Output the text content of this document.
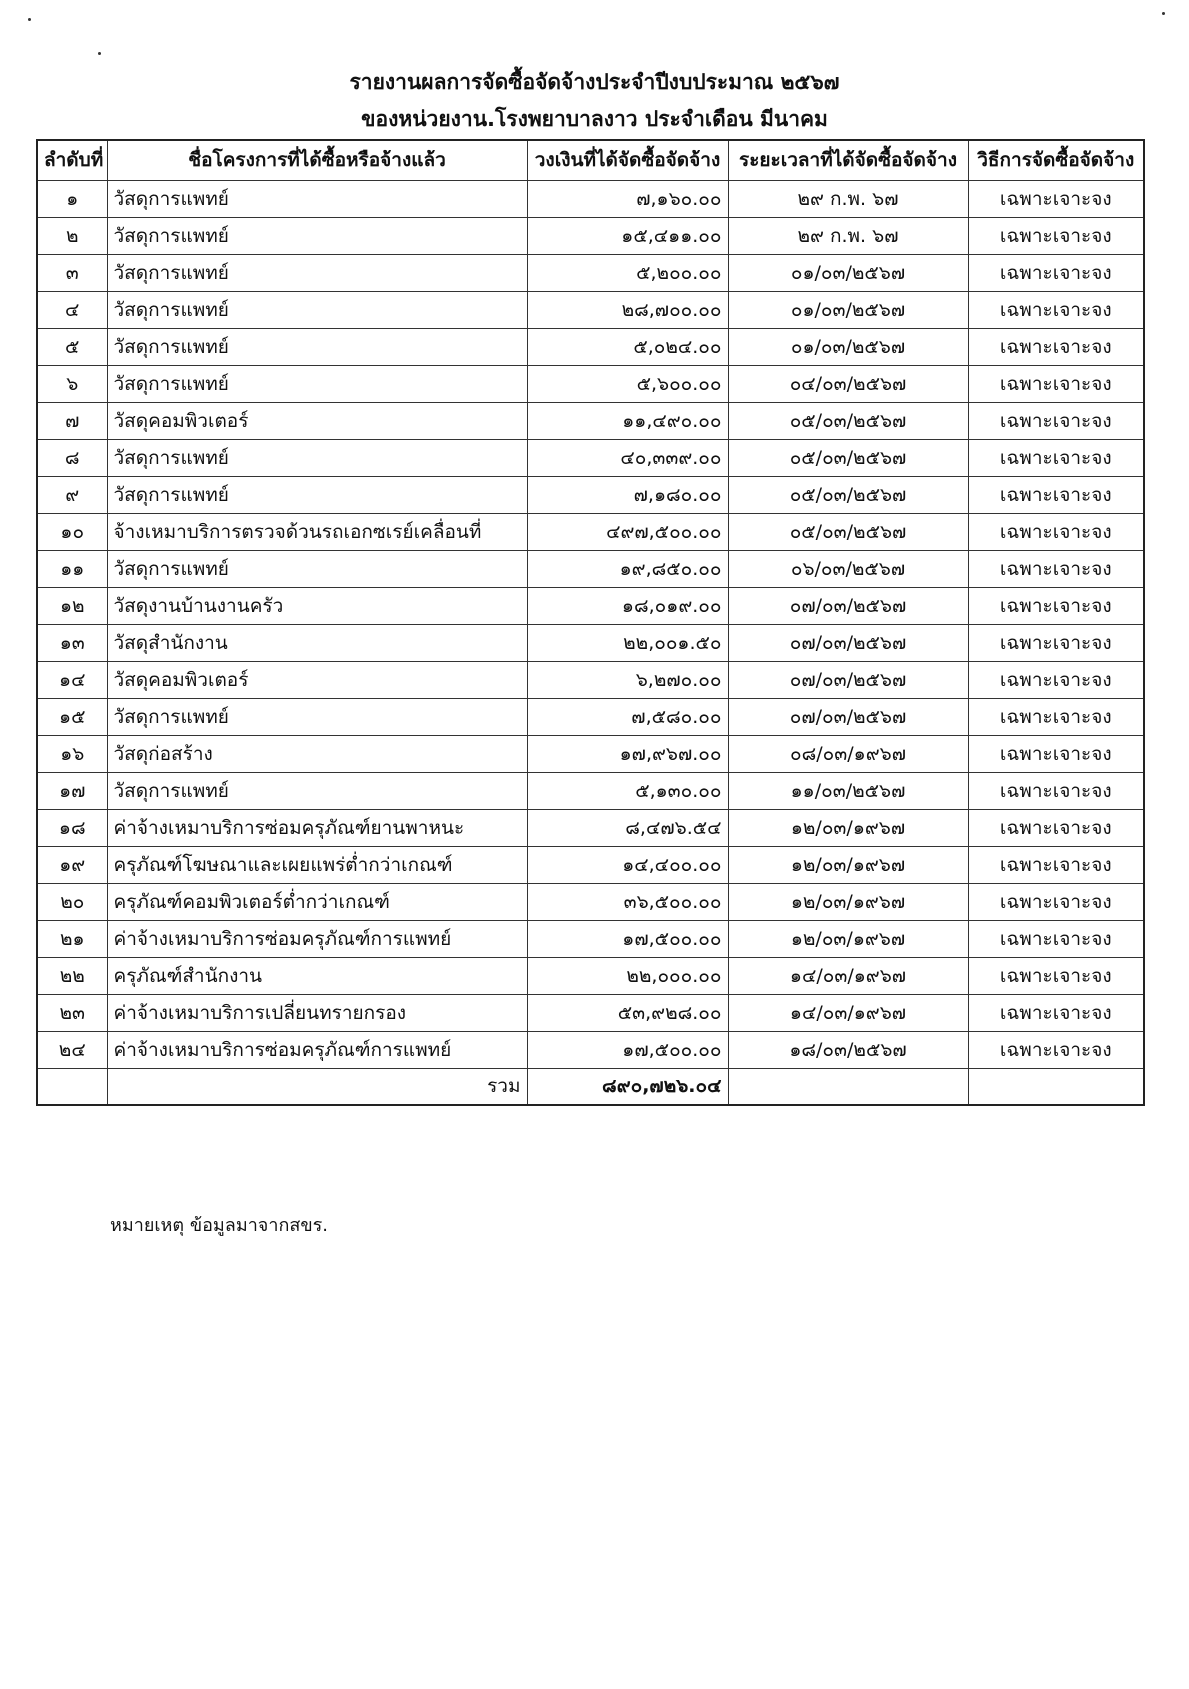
รายงานผลการจัดซื้อจัดจ้างประจำปีงบประมาณ ๒๕๖๗
ของหน่วยงาน.โรงพยาบาลงาว ประจำเดือน มีนาคม
ลำดับที่	ชื่อโครงการที่ได้ซื้อหรือจ้างแล้ว	วงเงินที่ได้จัดซื้อจัดจ้าง	ระยะเวลาที่ได้จัดซื้อจัดจ้าง	วิธีการจัดซื้อจัดจ้าง
๑	วัสดุการแพทย์	๗,๑๖๐.๐๐	๒๙ ก.พ. ๖๗	เฉพาะเจาะจง
๒	วัสดุการแพทย์	๑๕,๔๑๑.๐๐	๒๙ ก.พ. ๖๗	เฉพาะเจาะจง
๓	วัสดุการแพทย์	๕,๒๐๐.๐๐	๐๑/๐๓/๒๕๖๗	เฉพาะเจาะจง
๔	วัสดุการแพทย์	๒๘,๗๐๐.๐๐	๐๑/๐๓/๒๕๖๗	เฉพาะเจาะจง
๕	วัสดุการแพทย์	๕,๐๒๔.๐๐	๐๑/๐๓/๒๕๖๗	เฉพาะเจาะจง
๖	วัสดุการแพทย์	๕,๖๐๐.๐๐	๐๔/๐๓/๒๕๖๗	เฉพาะเจาะจง
๗	วัสดุคอมพิวเตอร์	๑๑,๔๙๐.๐๐	๐๕/๐๓/๒๕๖๗	เฉพาะเจาะจง
๘	วัสดุการแพทย์	๔๐,๓๓๙.๐๐	๐๕/๐๓/๒๕๖๗	เฉพาะเจาะจง
๙	วัสดุการแพทย์	๗,๑๘๐.๐๐	๐๕/๐๓/๒๕๖๗	เฉพาะเจาะจง
๑๐	จ้างเหมาบริการตรวจด้วนรถเอกซเรย์เคลื่อนที่	๔๙๗,๕๐๐.๐๐	๐๕/๐๓/๒๕๖๗	เฉพาะเจาะจง
๑๑	วัสดุการแพทย์	๑๙,๘๕๐.๐๐	๐๖/๐๓/๒๕๖๗	เฉพาะเจาะจง
๑๒	วัสดุงานบ้านงานครัว	๑๘,๐๑๙.๐๐	๐๗/๐๓/๒๕๖๗	เฉพาะเจาะจง
๑๓	วัสดุสำนักงาน	๒๒,๐๐๑.๕๐	๐๗/๐๓/๒๕๖๗	เฉพาะเจาะจง
๑๔	วัสดุคอมพิวเตอร์	๖,๒๗๐.๐๐	๐๗/๐๓/๒๕๖๗	เฉพาะเจาะจง
๑๕	วัสดุการแพทย์	๗,๕๘๐.๐๐	๐๗/๐๓/๒๕๖๗	เฉพาะเจาะจง
๑๖	วัสดุก่อสร้าง	๑๗,๙๖๗.๐๐	๐๘/๐๓/๑๙๖๗	เฉพาะเจาะจง
๑๗	วัสดุการแพทย์	๕,๑๓๐.๐๐	๑๑/๐๓/๒๕๖๗	เฉพาะเจาะจง
๑๘	ค่าจ้างเหมาบริการซ่อมครุภัณฑ์ยานพาหนะ	๘,๔๗๖.๕๔	๑๒/๐๓/๑๙๖๗	เฉพาะเจาะจง
๑๙	ครุภัณฑ์โฆษณาและเผยแพร่ต่ำกว่าเกณฑ์	๑๔,๔๐๐.๐๐	๑๒/๐๓/๑๙๖๗	เฉพาะเจาะจง
๒๐	ครุภัณฑ์คอมพิวเตอร์ต่ำกว่าเกณฑ์	๓๖,๕๐๐.๐๐	๑๒/๐๓/๑๙๖๗	เฉพาะเจาะจง
๒๑	ค่าจ้างเหมาบริการซ่อมครุภัณฑ์การแพทย์	๑๗,๕๐๐.๐๐	๑๒/๐๓/๑๙๖๗	เฉพาะเจาะจง
๒๒	ครุภัณฑ์สำนักงาน	๒๒,๐๐๐.๐๐	๑๔/๐๓/๑๙๖๗	เฉพาะเจาะจง
๒๓	ค่าจ้างเหมาบริการเปลี่ยนทรายกรอง	๕๓,๙๒๘.๐๐	๑๔/๐๓/๑๙๖๗	เฉพาะเจาะจง
๒๔	ค่าจ้างเหมาบริการซ่อมครุภัณฑ์การแพทย์	๑๗,๕๐๐.๐๐	๑๘/๐๓/๒๕๖๗	เฉพาะเจาะจง
	รวม	๘๙๐,๗๒๖.๐๔		
หมายเหตุ ข้อมูลมาจากสขร.
